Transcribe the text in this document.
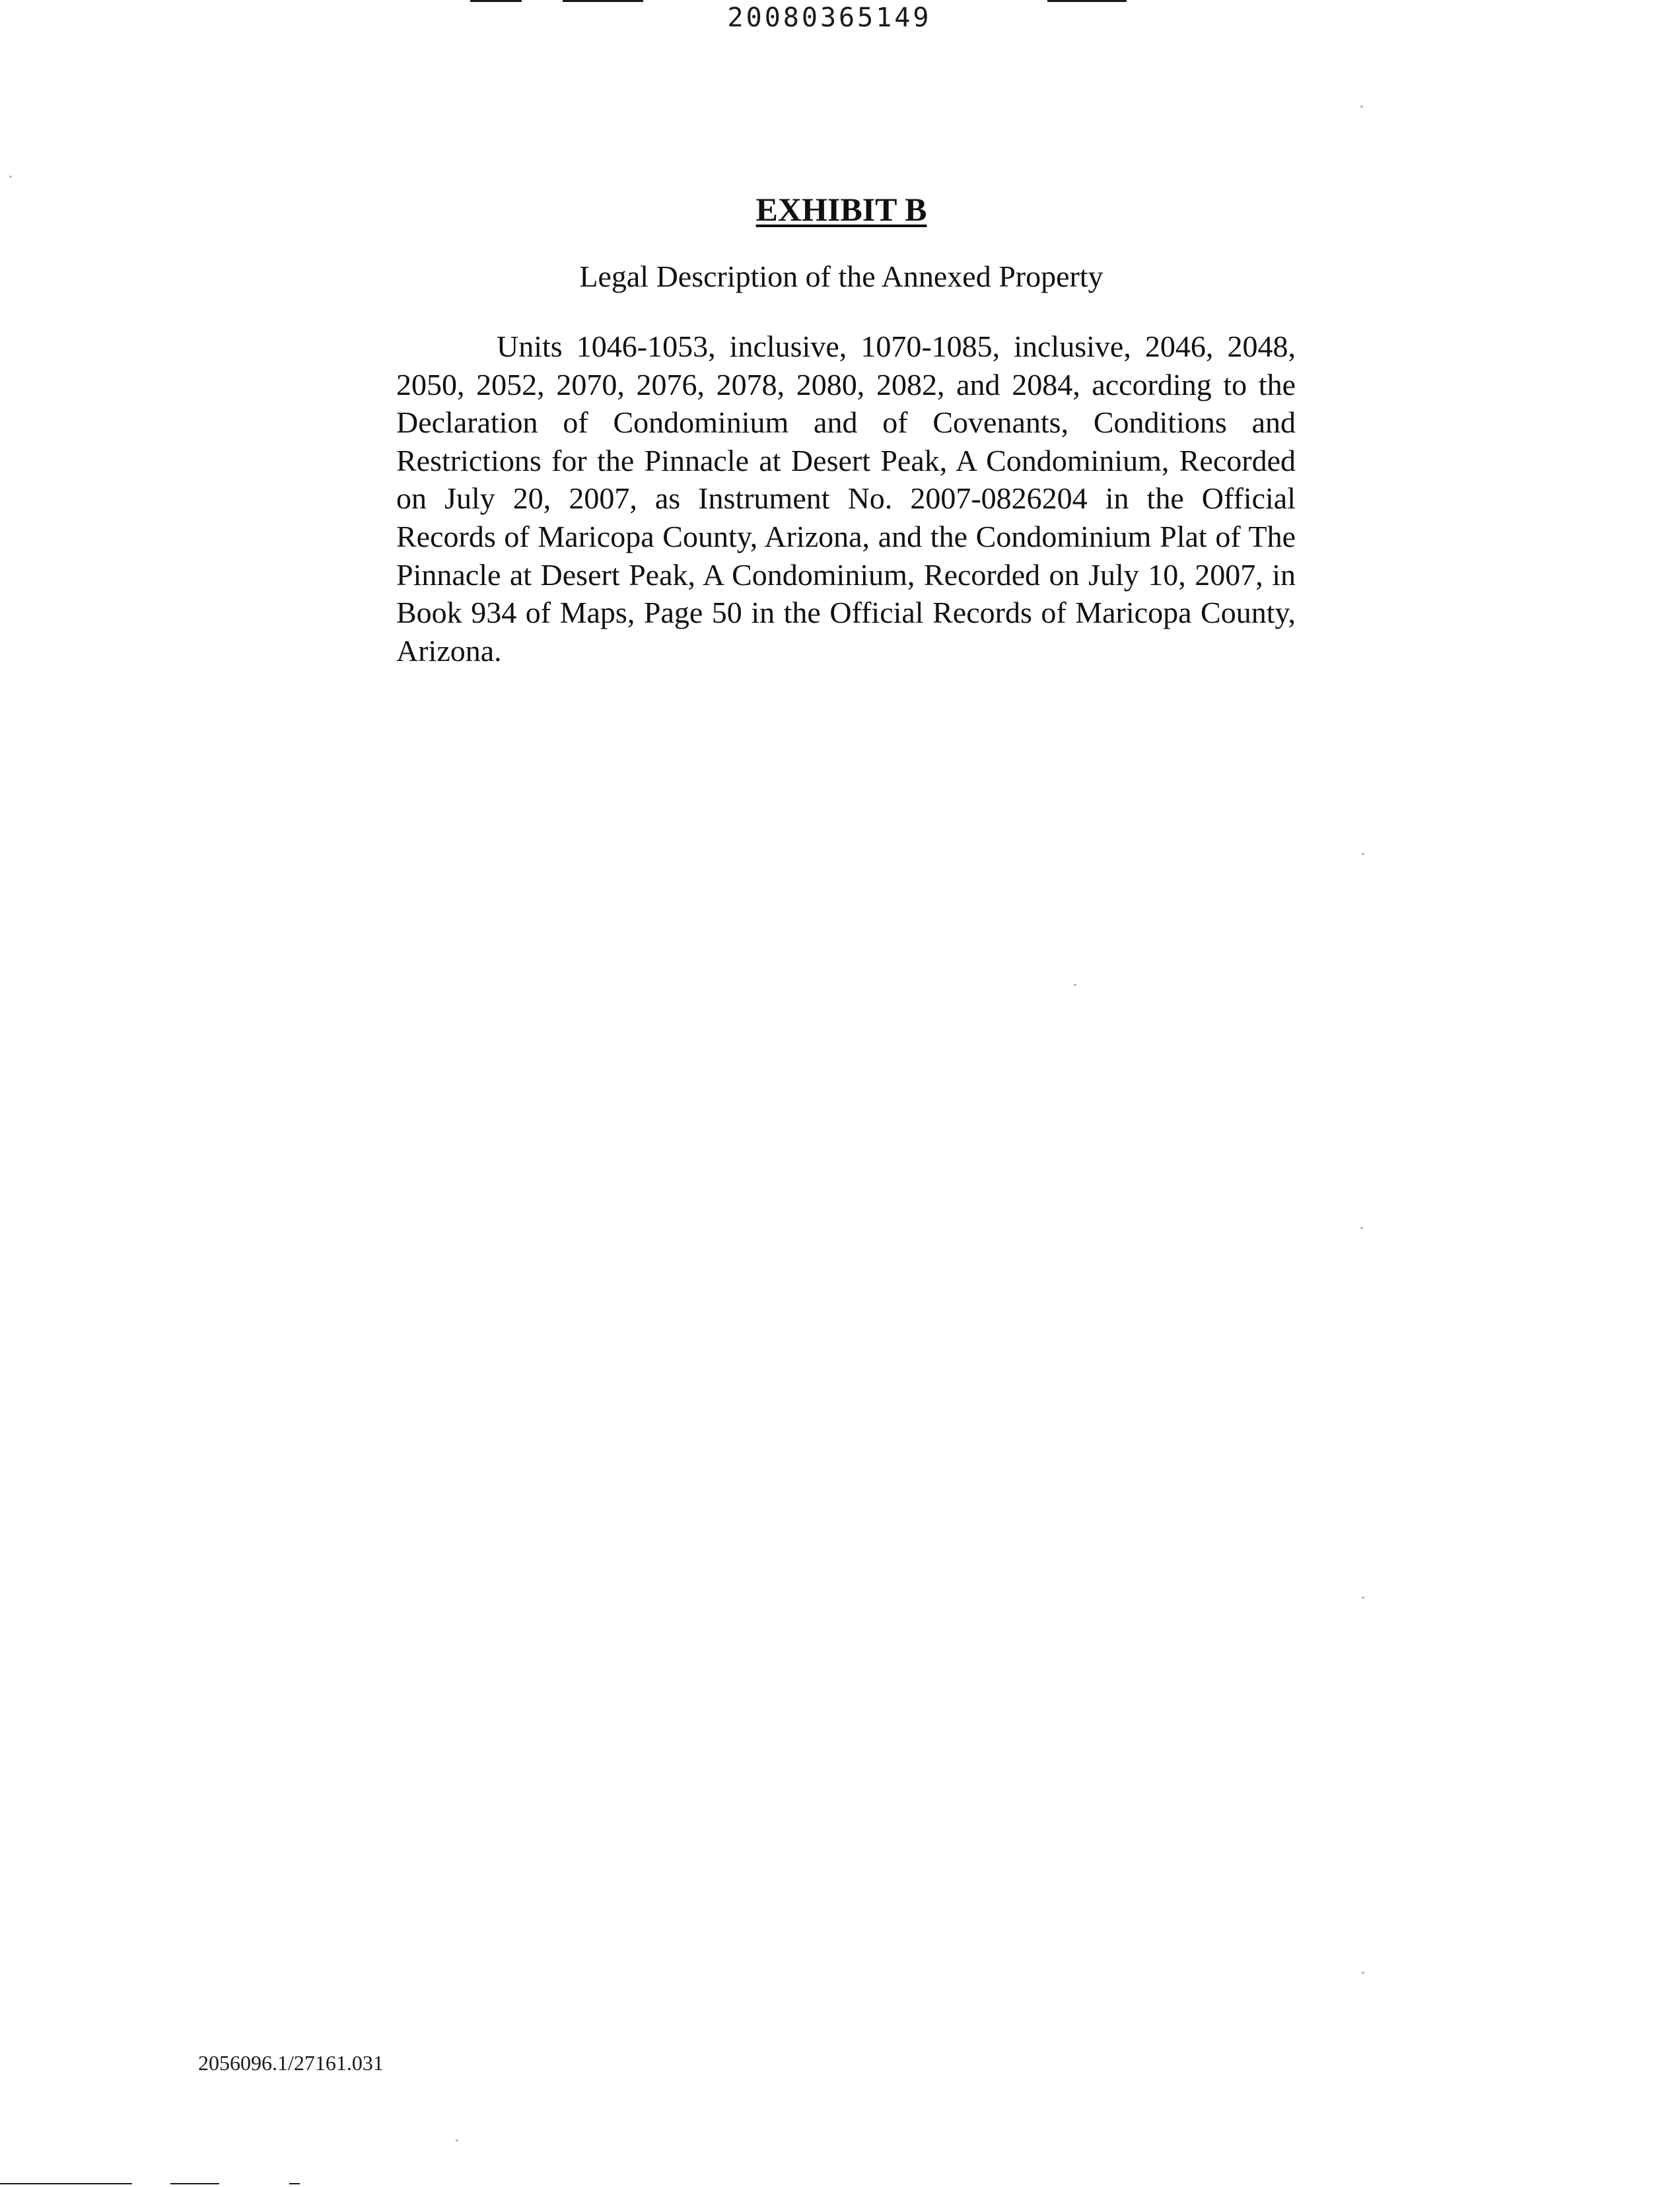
20080365149
EXHIBIT B
Legal Description of the Annexed Property

Units 1046-1053, inclusive, 1070-1085, inclusive, 2046, 2048, 2050, 2052, 2070, 2076, 2078, 2080, 2082, and 2084, according to the Declaration of Condominium and of Covenants, Conditions and Restrictions for the Pinnacle at Desert Peak, A Condominium, Recorded on July 20, 2007, as Instrument No. 2007-0826204 in the Official Records of Maricopa County, Arizona, and the Condominium Plat of The Pinnacle at Desert Peak, A Condominium, Recorded on July 10, 2007, in Book 934 of Maps, Page 50 in the Official Records of Maricopa County, Arizona.

2056096.1/27161.031
